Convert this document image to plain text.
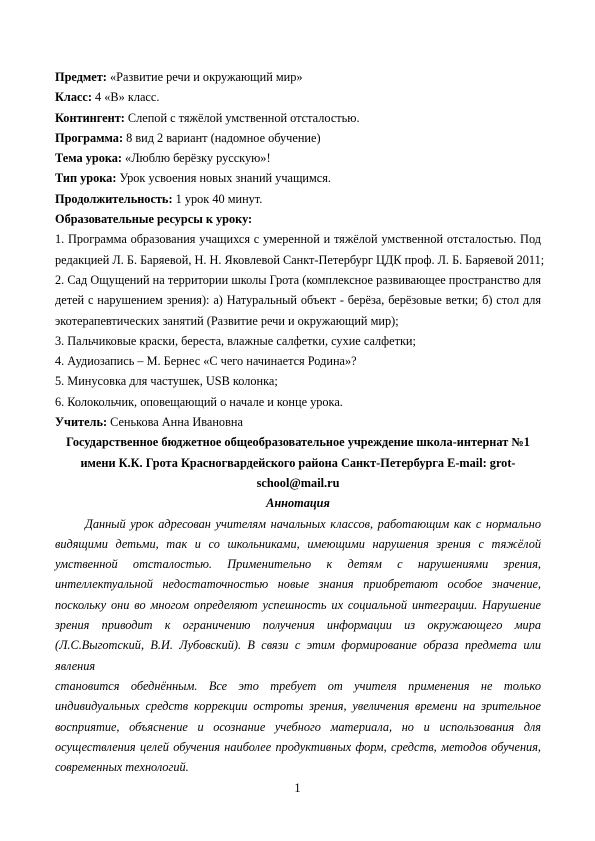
Предмет: «Развитие речи и окружающий мир»
Класс: 4 «В» класс.
Контингент: Слепой с тяжёлой умственной отсталостью.
Программа: 8 вид 2 вариант (надомное обучение)
Тема урока: «Люблю берёзку русскую»!
Тип урока: Урок усвоения новых знаний учащимся.
Продолжительность: 1 урок 40 минут.
Образовательные ресурсы к уроку:
1. Программа образования учащихся с умеренной и тяжёлой умственной отсталостью. Под
редакцией Л. Б. Баряевой, Н. Н. Яковлевой Санкт-Петербург ЦДК проф. Л. Б. Баряевой 2011;
2. Сад Ощущений на территории школы Грота (комплексное развивающее пространство для
детей с нарушением зрения): а) Натуральный объект - берёза, берёзовые ветки; б) стол для
экотерапевтических занятий (Развитие речи и окружающий мир);
3. Пальчиковые краски, береста, влажные салфетки, сухие салфетки;
4. Аудиозапись – М. Бернес «С чего начинается Родина»?
5. Минусовка для частушек, USB колонка;
6. Колокольчик, оповещающий о начале и конце урока.
Учитель: Сенькова Анна Ивановна
Государственное бюджетное общеобразовательное учреждение школа-интернат №1
имени К.К. Грота Красногвардейского района Санкт-Петербурга E-mail: grot-
school@mail.ru
Аннотация
Данный урок адресован учителям начальных классов, работающим как с нормально
видящими детьми, так и со школьниками, имеющими нарушения зрения с тяжёлой
умственной отсталостью. Применительно к детям с нарушениями зрения,
интеллектуальной недостаточностью новые знания приобретают особое значение,
поскольку они во многом определяют успешность их социальной интеграции. Нарушение
зрения приводит к ограничению получения информации из окружающего мира
(Л.С.Выготский, В.И. Лубовский). В связи с этим формирование образа предмета или явления
становится обеднённым. Все это требует от учителя применения не только
индивидуальных средств коррекции остроты зрения, увеличения времени на зрительное
восприятие, объяснение и осознание учебного материала, но и использования для
осуществления целей обучения наиболее продуктивных форм, средств, методов обучения,
современных технологий.
1
